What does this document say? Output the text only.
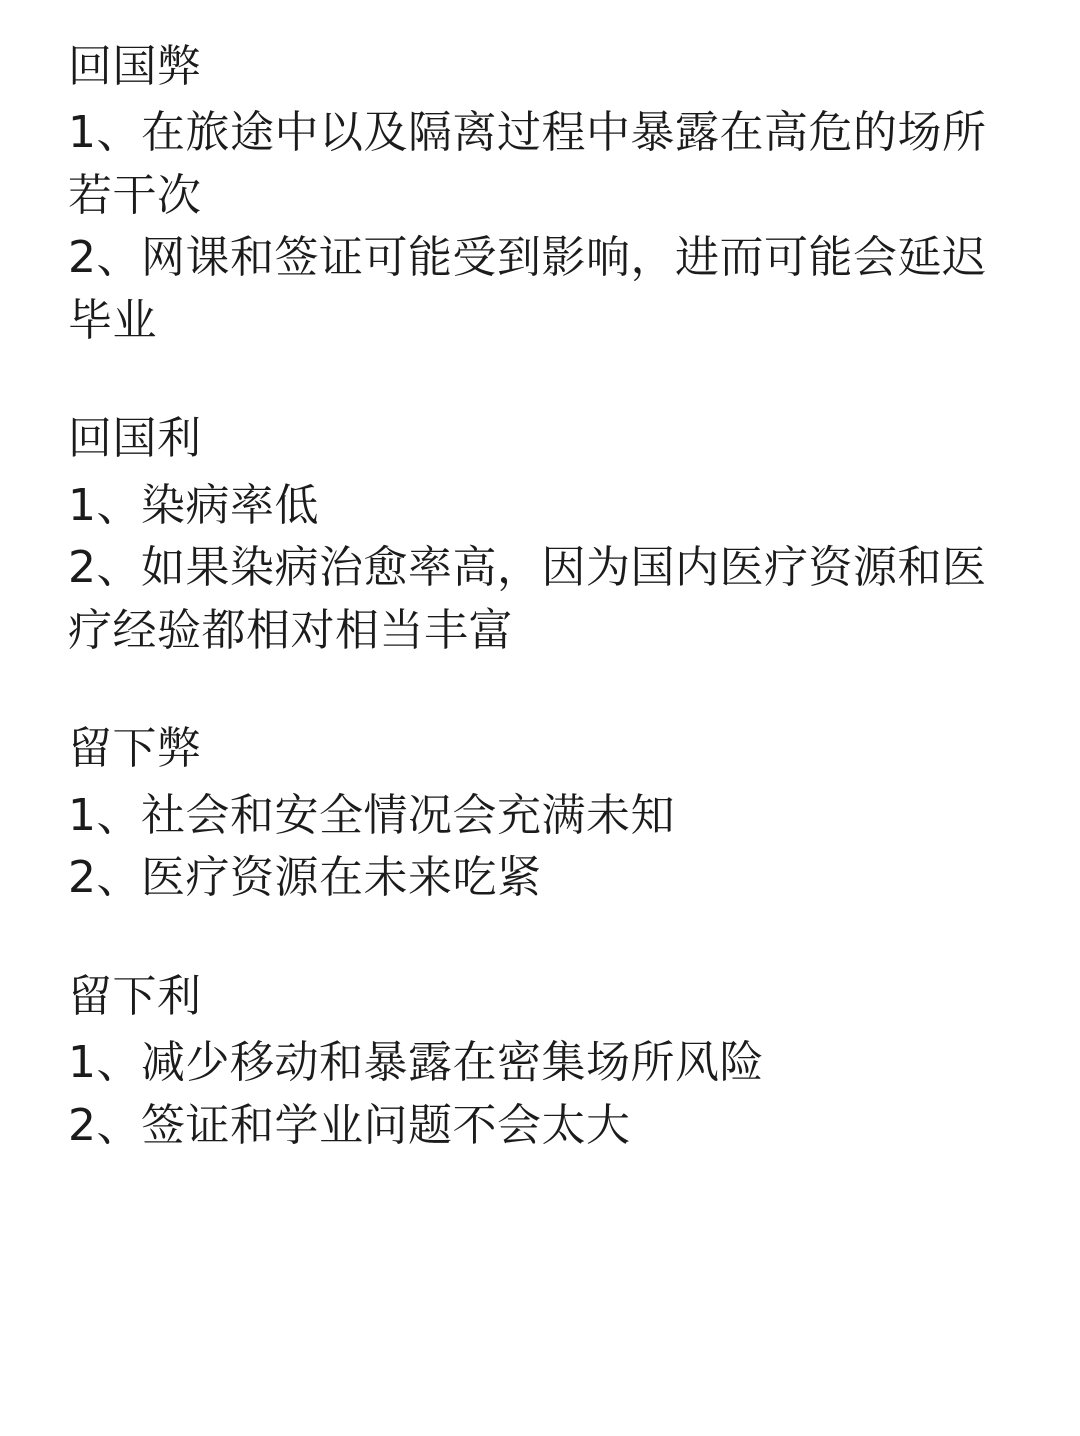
回国弊

1、在旅途中以及隔离过程中暴露在高危的场所若干次

2、网课和签证可能受到影响，进而可能会延迟毕业

回国利

1、染病率低

2、如果染病治愈率高，因为国内医疗资源和医疗经验都相对相当丰富

留下弊

1、社会和安全情况会充满未知

2、医疗资源在未来吃紧

留下利

1、减少移动和暴露在密集场所风险

2、签证和学业问题不会太大
